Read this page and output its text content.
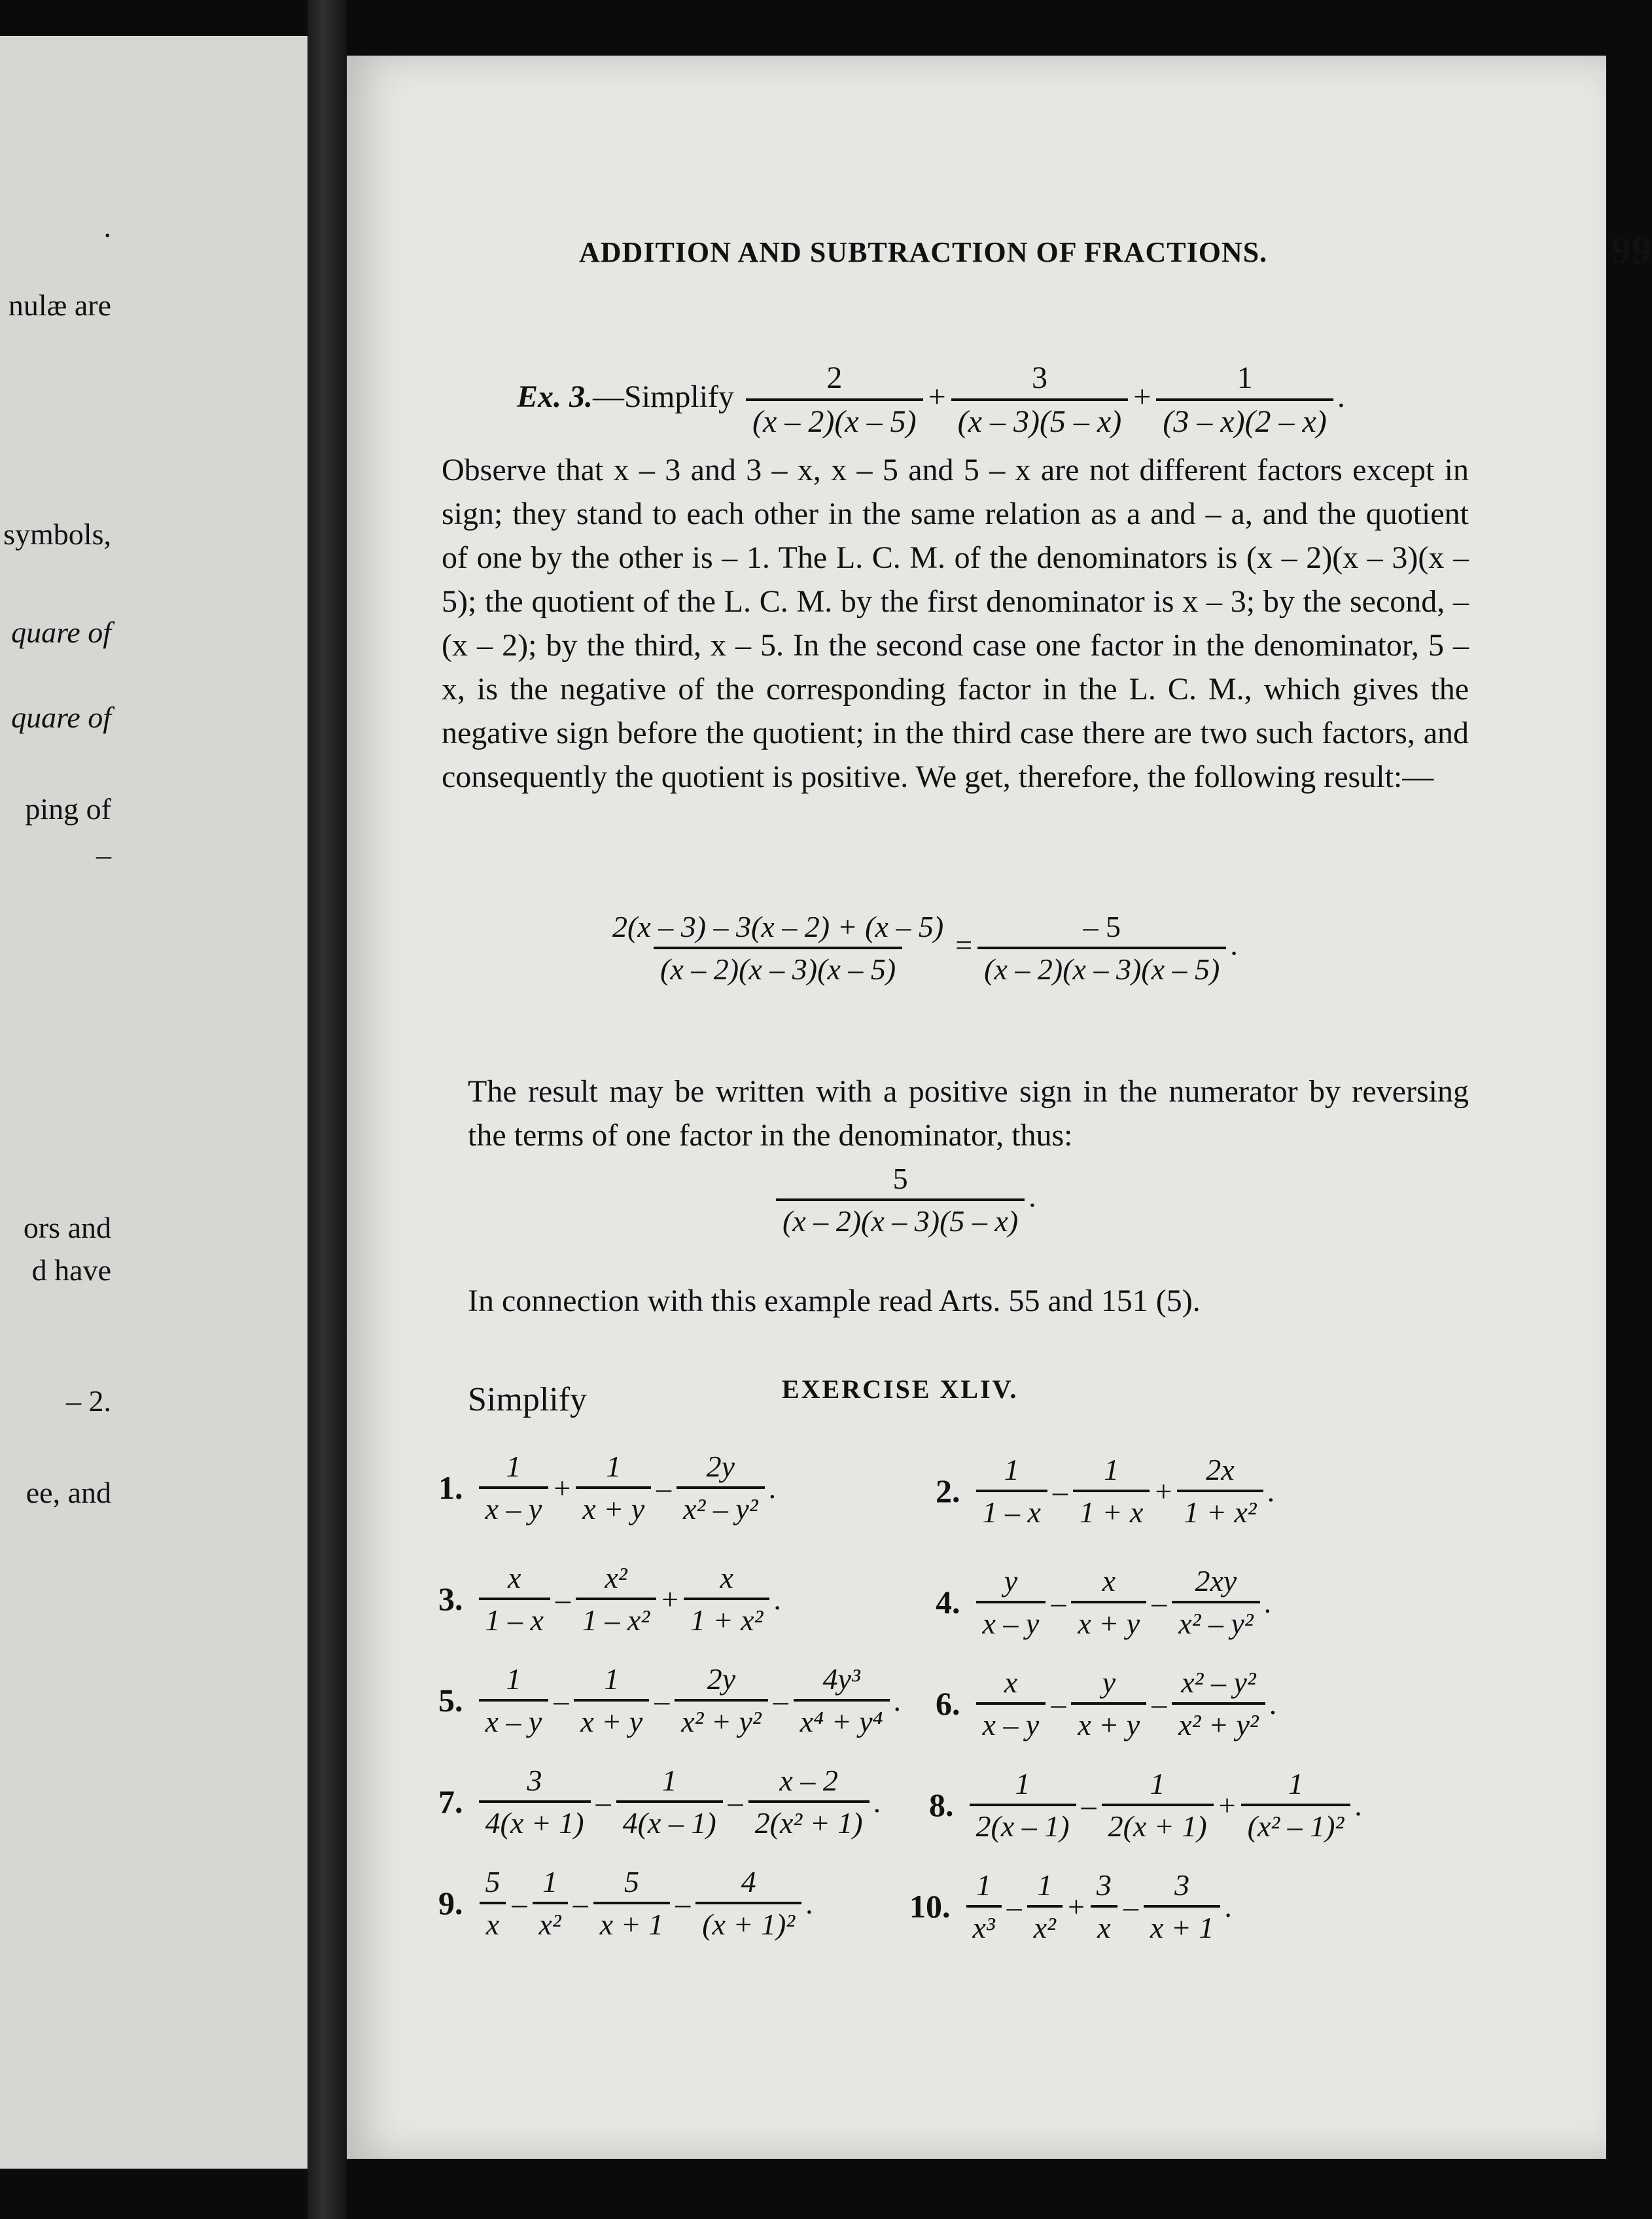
.
nulæ are
symbols,
quare of
quare of
ping of
–
ors and
d have
– 2.
ee, and
ADDITION AND SUBTRACTION OF FRACTIONS.	99
Ex. 3.—Simplify $\frac{2}{(x - 2)(x - 5)} + \frac{3}{(x - 3)(5 - x)} + \frac{1}{(3 - x)(2 - x)}$ .
Observe that x – 3 and 3 – x, x – 5 and 5 – x are not different factors except in sign; they stand to each other in the same relation as a and – a, and the quotient of one by the other is – 1. The L. C. M. of the denominators is (x – 2)(x – 3)(x – 5); the quotient of the L. C. M. by the first denominator is x – 3; by the second, – (x – 2); by the third, x – 5. In the second case one factor in the denominator, 5 – x, is the negative of the corresponding factor in the L. C. M., which gives the negative sign before the quotient; in the third case there are two such factors, and consequently the quotient is positive. We get, therefore, the following result:—
$\frac{2(x - 3) - 3(x - 2) + (x - 5)}{(x - 2)(x - 3)(x - 5)} = \frac{- 5}{(x - 2)(x - 3)(x - 5)}$ .
The result may be written with a positive sign in the numerator by reversing the terms of one factor in the denominator, thus:
$\frac{5}{(x - 2)(x - 3)(5 - x)}$ .
In connection with this example read Arts. 55 and 151 (5).
Simplify	EXERCISE XLIV.
1. $\frac{1}{x - y} + \frac{1}{x + y} - \frac{2y}{\text{x² – y²}}$ .	2. $\frac{1}{1 - x} - \frac{1}{1 + x} + \frac{2x}{\text{1 + x²}}$ .
3. $\frac{x}{1 - x} - \frac{\text{x²}}{\text{1 – x²}} + \frac{x}{\text{1 + x²}}$ .	4. $\frac{y}{x - y} - \frac{x}{x + y} - \frac{2xy}{\text{x² – y²}}$ .
5. $\frac{1}{x - y} - \frac{1}{x + y} - \frac{2y}{\text{x² + y²}} - \frac{\text{4y³}}{\text{x⁴ + y⁴}}$ . 6. $\frac{x}{x - y} - \frac{y}{x + y} - \frac{\text{x² – y²}}{\text{x² + y²}}$ .
7. $\frac{3}{4(x + 1)} - \frac{1}{4(x - 1)} - \frac{x - 2}{\text{2(x² + 1)}}$ . 8. $\frac{1}{2(x - 1)} - \frac{1}{2(x + 1)} + \frac{1}{\text{(x² – 1)²}}$ .
9. $\frac{5}{x} - \frac{1}{\text{x²}} - \frac{5}{x + 1} - \frac{4}{\text{(x + 1)²}}$ .	10. $\frac{1}{\text{x³}} - \frac{1}{\text{x²}} + \frac{3}{x} - \frac{3}{x + 1}$ .
